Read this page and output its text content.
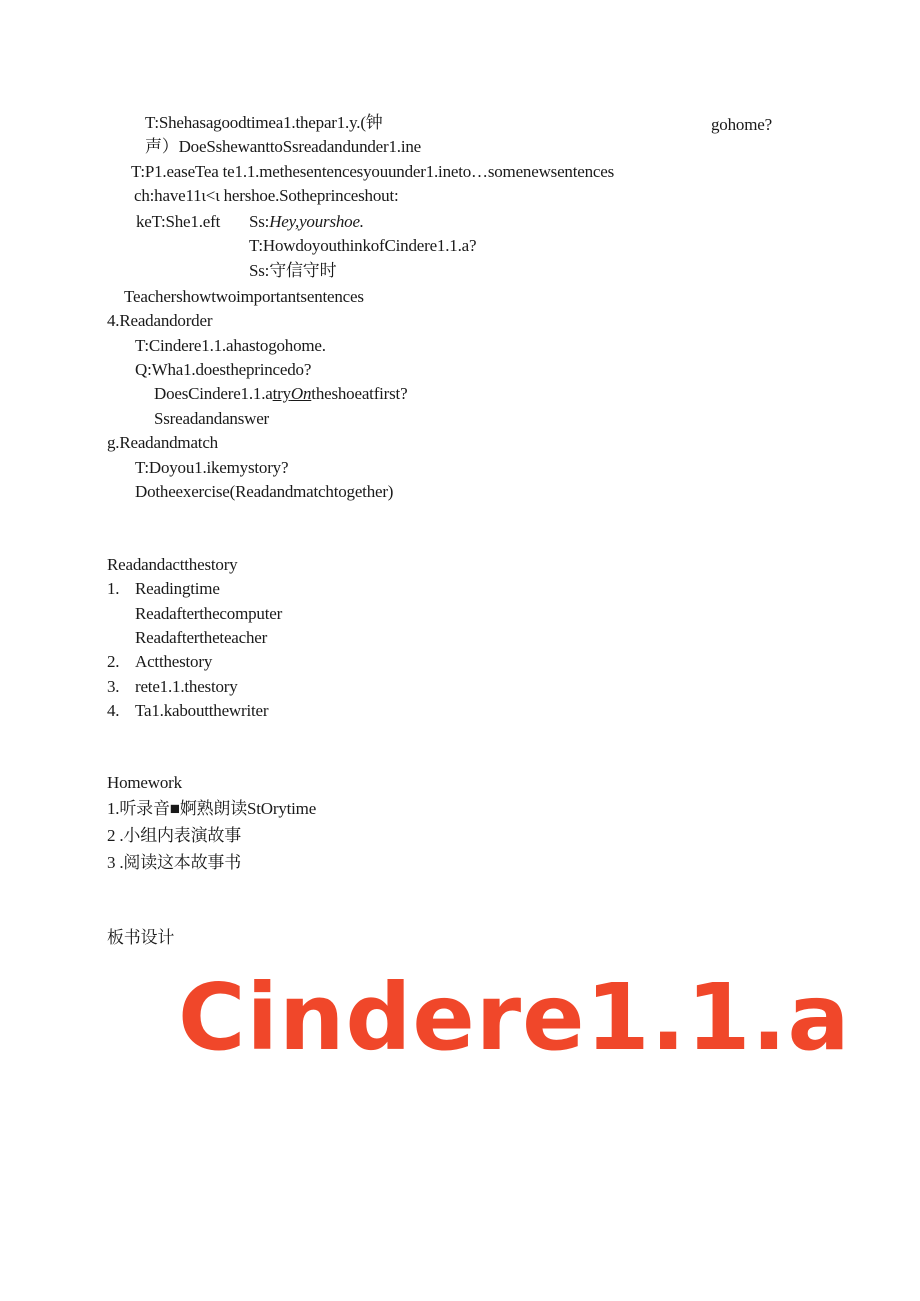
T:Shehasagoodtimea1.thepar1.y.(钟	gohome?
声）DoeSshewanttoSsreadandunder1.ine
T:P1.easeTea te1.1.methesentencesyouunder1.ineto…somenewsentences
ch:have11ι<ι hershoe.Sotheprinceshout:
keT:She1.eft Ss:Hey,yourshoe.
T:HowdoyouthinkofCindere1.1.a?
Ss:守信守时
Teachershowtwoimportantsentences
4.Readandorder
T:Cindere1.1.ahastogohome.
Q:Wha1.doestheprincedo?
DoesCindere1.1.atryOntheshoeatfirst?
Ssreadandanswer
g.Readandmatch
T:Doyou1.ikemystory?
Dotheexercise(Readandmatchtogether)
Readandactthestory
1. Readingtime
Readafterthecomputer
Readaftertheteacher
2. Actthestory
3. rete1.1.thestory
4. Ta1.kaboutthewriter
Homework
1.听录音■婀熟朗读StOrytime
2 .小组内表演故事
3 .阅读这本故事书
板书设计
Cindere1.1.a
